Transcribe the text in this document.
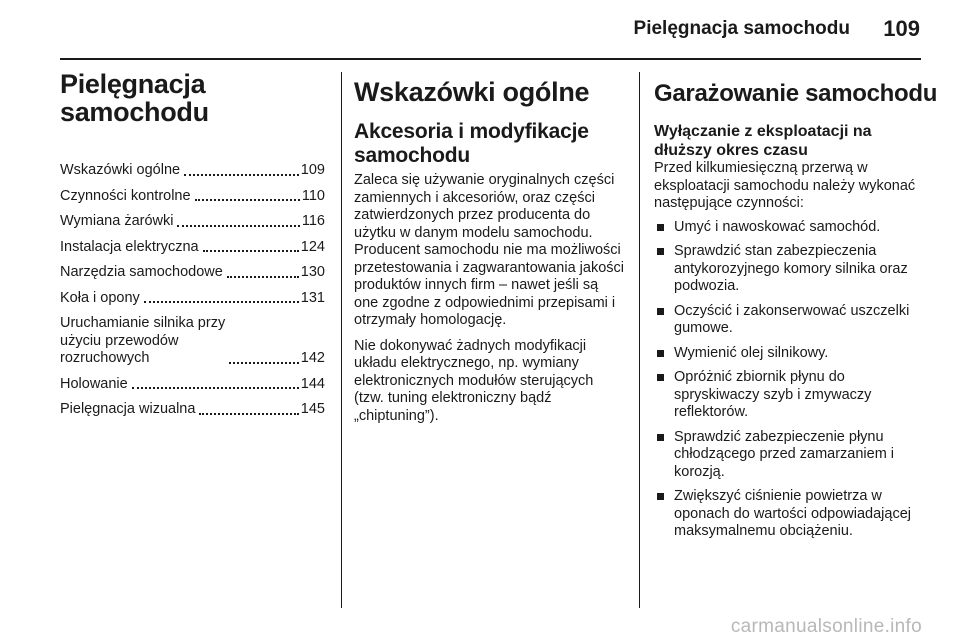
Pielęgnacja samochodu 109
Pielęgnacja samochodu
Wskazówki ogólne	109
Czynności kontrolne	110
Wymiana żarówki	116
Instalacja elektryczna	124
Narzędzia samochodowe	130
Koła i opony	131
Uruchamianie silnika przy
użyciu przewodów
rozruchowych	142
Holowanie	144
Pielęgnacja wizualna	145
Wskazówki ogólne
Akcesoria i modyfikacje samochodu

Zaleca się używanie oryginalnych części zamiennych i akcesoriów, oraz części zatwierdzonych przez producenta do użytku w danym modelu samochodu. Producent samochodu nie ma możliwości przetestowania i zagwarantowania jakości produktów innych firm – nawet jeśli są one zgodne z odpowiednimi przepisami i otrzymały homologację.

Nie dokonywać żadnych modyfikacji układu elektrycznego, np. wymiany elektronicznych modułów sterujących (tzw. tuning elektroniczny bądź „chiptuning”).

Garażowanie samochodu
Wyłączanie z eksploatacji na dłuższy okres czasu

Przed kilkumiesięczną przerwą w eksploatacji samochodu należy wykonać następujące czynności:

Umyć i nawoskować samochód.
Sprawdzić stan zabezpieczenia antykorozyjnego komory silnika oraz podwozia.
Oczyścić i zakonserwować uszczelki gumowe.
Wymienić olej silnikowy.
Opróżnić zbiornik płynu do spryskiwaczy szyb i zmywaczy reflektorów.
Sprawdzić zabezpieczenie płynu chłodzącego przed zamarzaniem i korozją.
Zwiększyć ciśnienie powietrza w oponach do wartości odpowiadającej maksymalnemu obciążeniu.
carmanualsonline.info
